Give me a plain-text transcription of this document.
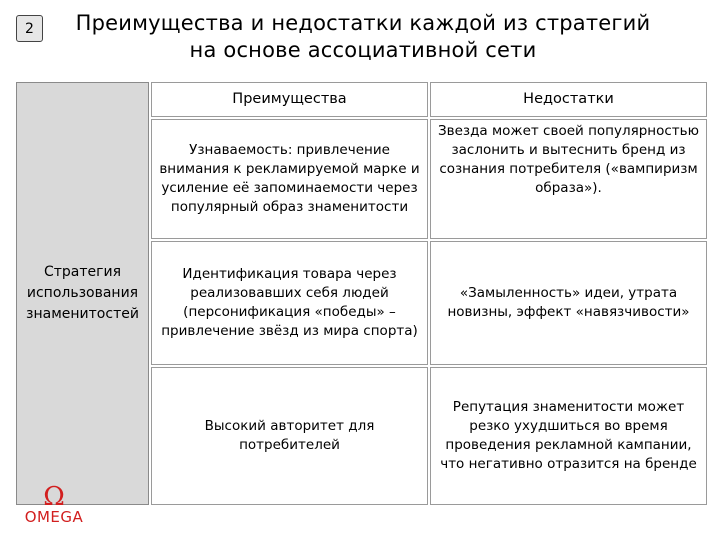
2	Преимущества и недостатки каждой из стратегий
на основе ассоциативной сети
Стратегия использования знаменитостей
Преимущества	Недостатки
Узнаваемость: привлечение внимания к рекламируемой марке и усиление её запоминаемости через популярный образ знаменитости
Звезда может своей популярностью заслонить и вытеснить бренд из сознания потребителя («вампиризм образа»).
Идентификация товара через реализовавших себя людей (персонификация «победы» – привлечение звёзд из мира спорта)
«Замыленность» идеи, утрата новизны, эффект «навязчивости»
Высокий авторитет для потребителей
Репутация знаменитости может резко ухудшиться во время проведения рекламной кампании, что негативно отразится на бренде
Ω
OMEGA
